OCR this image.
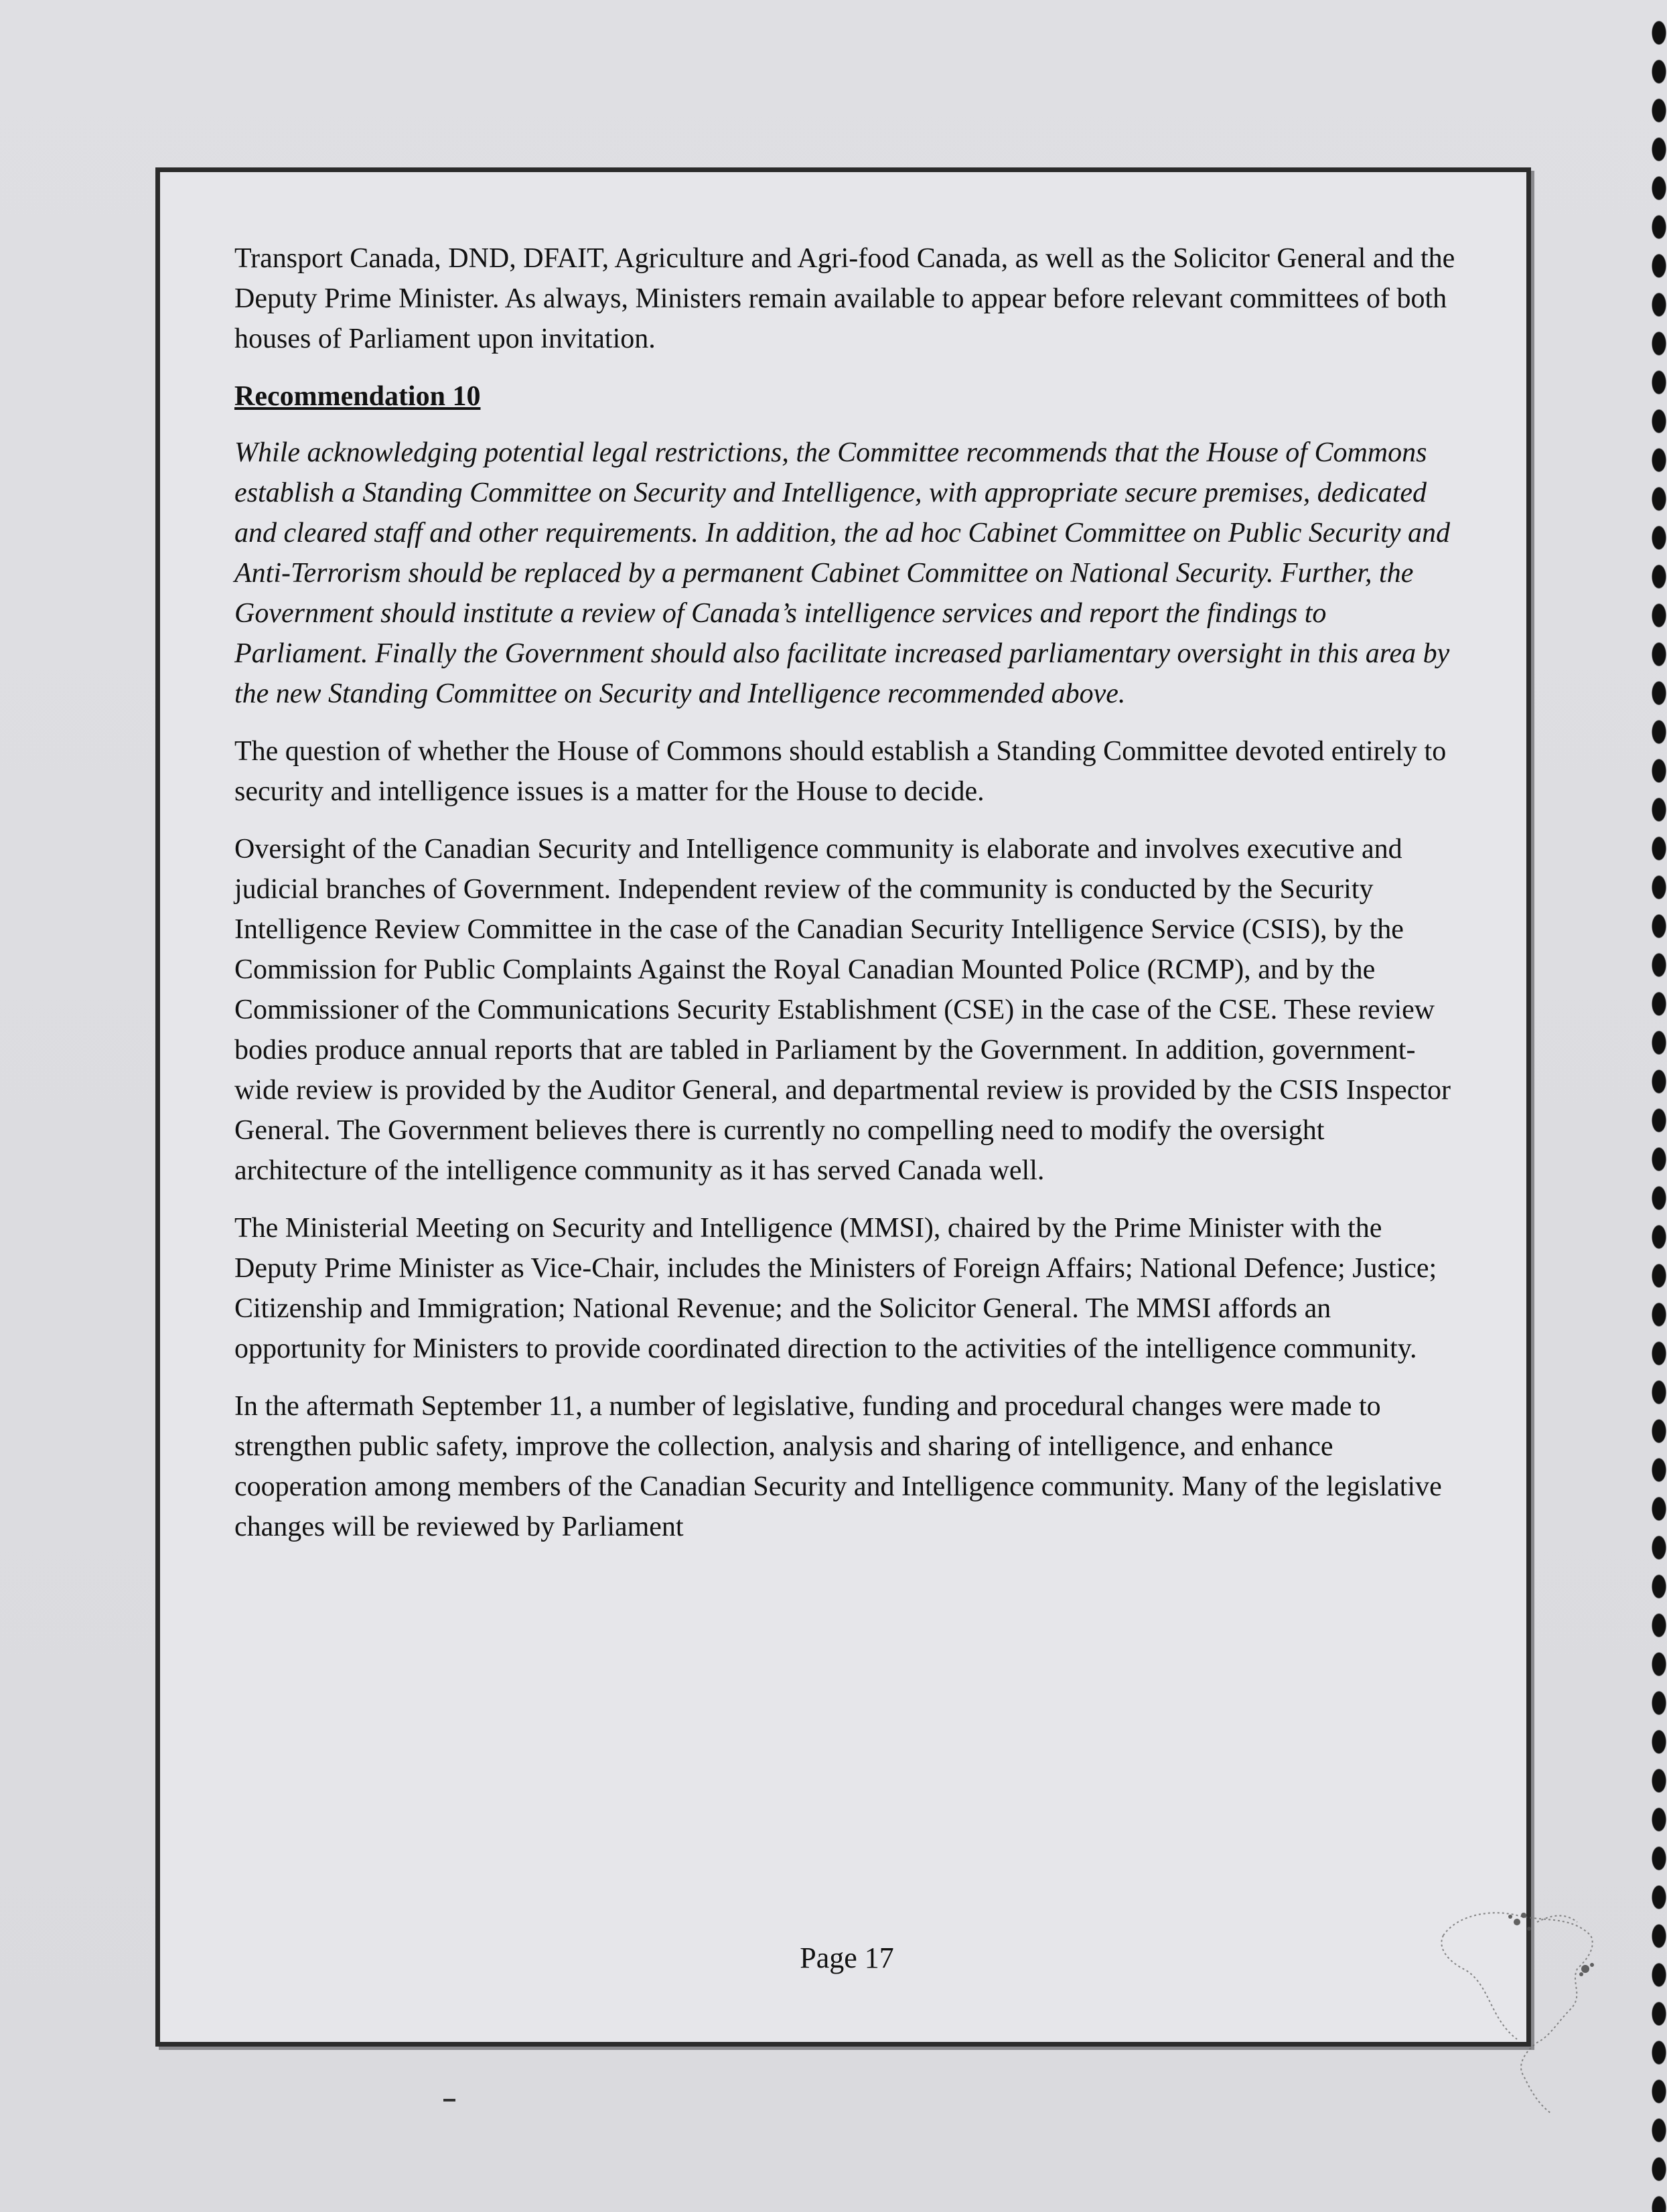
Transport Canada, DND, DFAIT, Agriculture and Agri-food Canada, as well as the Solicitor General and the Deputy Prime Minister. As always, Ministers remain available to appear before relevant committees of both houses of Parliament upon invitation.

Recommendation 10

While acknowledging potential legal restrictions, the Committee recommends that the House of Commons establish a Standing Committee on Security and Intelligence, with appropriate secure premises, dedicated and cleared staff and other requirements. In addition, the ad hoc Cabinet Committee on Public Security and Anti-Terrorism should be replaced by a permanent Cabinet Committee on National Security. Further, the Government should institute a review of Canada’s intelligence services and report the findings to Parliament. Finally the Government should also facilitate increased parliamentary oversight in this area by the new Standing Committee on Security and Intelligence recommended above.

The question of whether the House of Commons should establish a Standing Committee devoted entirely to security and intelligence issues is a matter for the House to decide.

Oversight of the Canadian Security and Intelligence community is elaborate and involves executive and judicial branches of Government. Independent review of the community is conducted by the Security Intelligence Review Committee in the case of the Canadian Security Intelligence Service (CSIS), by the Commission for Public Complaints Against the Royal Canadian Mounted Police (RCMP), and by the Commissioner of the Communications Security Establishment (CSE) in the case of the CSE. These review bodies produce annual reports that are tabled in Parliament by the Government. In addition, government-wide review is provided by the Auditor General, and departmental review is provided by the CSIS Inspector General. The Government believes there is currently no compelling need to modify the oversight architecture of the intelligence community as it has served Canada well.

The Ministerial Meeting on Security and Intelligence (MMSI), chaired by the Prime Minister with the Deputy Prime Minister as Vice-Chair, includes the Ministers of Foreign Affairs; National Defence; Justice; Citizenship and Immigration; National Revenue; and the Solicitor General. The MMSI affords an opportunity for Ministers to provide coordinated direction to the activities of the intelligence community.

In the aftermath September 11, a number of legislative, funding and procedural changes were made to strengthen public safety, improve the collection, analysis and sharing of intelligence, and enhance cooperation among members of the Canadian Security and Intelligence community. Many of the legislative changes will be reviewed by Parliament

Page 17
